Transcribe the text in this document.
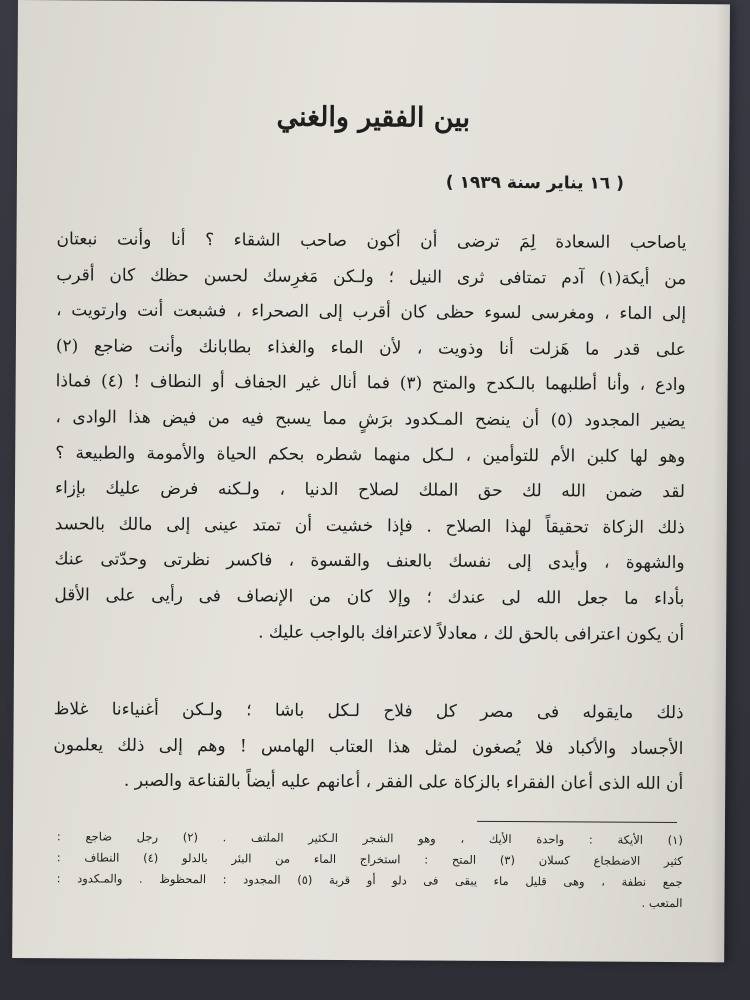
بين الفقير والغني
( ١٦ يناير سنة ١٩٣٩ )
ياصاحب السعادة لِمَ ترضى أن أكون صاحب الشقاء ؟ أنا وأنت نبعتان
من أيكة(١) آدم تمتافى ثرى النيل ؛ ولـكن مَغرِسك لحسن حظك كان أقرب
إلى الماء ، ومغرسى لسوء حظى كان أقرب إلى الصحراء ، فشبعت أنت وارتويت ،
على قدر ما هَزلت أنا وذويت ، لأن الماء والغذاء بطابانك وأنت ضاجع (٢)
وادع ، وأنا أطلبهما بالـكدح والمتح (٣) فما أنال غير الجفاف أو النطاف ! (٤) فماذا
يضير المجدود (٥) أن ينضح المـكدود برَشٍ مما يسبح فيه من فيض هذا الوادى ،
وهو لها كلبن الأم للتوأمين ، لـكل منهما شطره بحكم الحياة والأمومة والطبيعة ؟
لقد ضمن الله لك حق الملك لصلاح الدنيا ، ولـكنه فرض عليك بإزاء
ذلك الزكاة تحقيقاً لهذا الصلاح . فإذا خشيت أن تمتد عينى إلى مالك بالحسد
والشهوة ، وأيدى إلى نفسك بالعنف والقسوة ، فاكسر نظرتى وحدّتى عنك
بأداء ما جعل الله لى عندك ؛ وإلا كان من الإنصاف فى رأيى على الأقل
أن يكون اعترافى بالحق لك ، معادلاً لاعترافك بالواجب عليك .
ذلك مايقوله فى مصر كل فلاح لـكل باشا ؛ ولـكن أغنياءنا غلاظ
الأجساد والأكباد فلا يُصغون لمثل هذا العتاب الهامس ! وهم إلى ذلك يعلمون
أن الله الذى أعان الفقراء بالزكاة على الفقر ، أعانهم عليه أيضاً بالقناعة والصبر .
(١) الأيكة : واحدة الأيك ، وهو الشجر الـكثير الملتف . (٢) رجل ضاجع :
كثير الاضطجاع كسلان (٣) المتح : استخراج الماء من البئر بالدلو (٤) النطاف :
جمع نطفة ، وهى قليل ماء يبقى فى دلو أو قربة (٥) المجدود : المحظوظ . والمـكدود :
المتعب .
